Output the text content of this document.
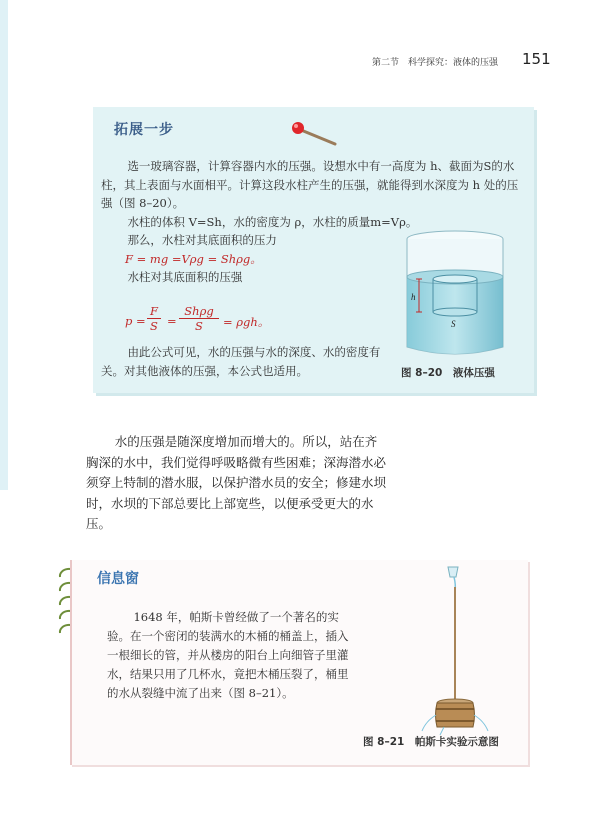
第二节　科学探究：液体的压强 151
拓展一步

选一玻璃容器，计算容器内水的压强。设想水中有一高度为 h、截面为S的水柱，其上表面与水面相平。计算这段水柱产生的压强，就能得到水深度为 h 处的压强（图 8–20）。

水柱的体积 V=Sh，水的密度为 ρ，水柱的质量m=Vρ。

那么，水柱对其底面积的压力

F = mg =Vρg = Shρg。

水柱对其底面积的压强

$p = \frac{F}{S}$ =
Shρg
S	= ρgh。

由此公式可见，水的压强与水的深度、水的密度有关。对其他液体的压强，本公式也适用。

h
S
图 8–20　液体压强

水的压强是随深度增加而增大的。所以，站在齐胸深的水中，我们觉得呼吸略微有些困难；深海潜水必须穿上特制的潜水服，以保护潜水员的安全；修建水坝时，水坝的下部总要比上部宽些，以便承受更大的水压。

信息窗

1648 年，帕斯卡曾经做了一个著名的实验。在一个密闭的装满水的木桶的桶盖上，插入一根细长的管，并从楼房的阳台上向细管子里灌水，结果只用了几杯水，竟把木桶压裂了，桶里的水从裂缝中流了出来（图 8–21）。

图 8–21　帕斯卡实验示意图
